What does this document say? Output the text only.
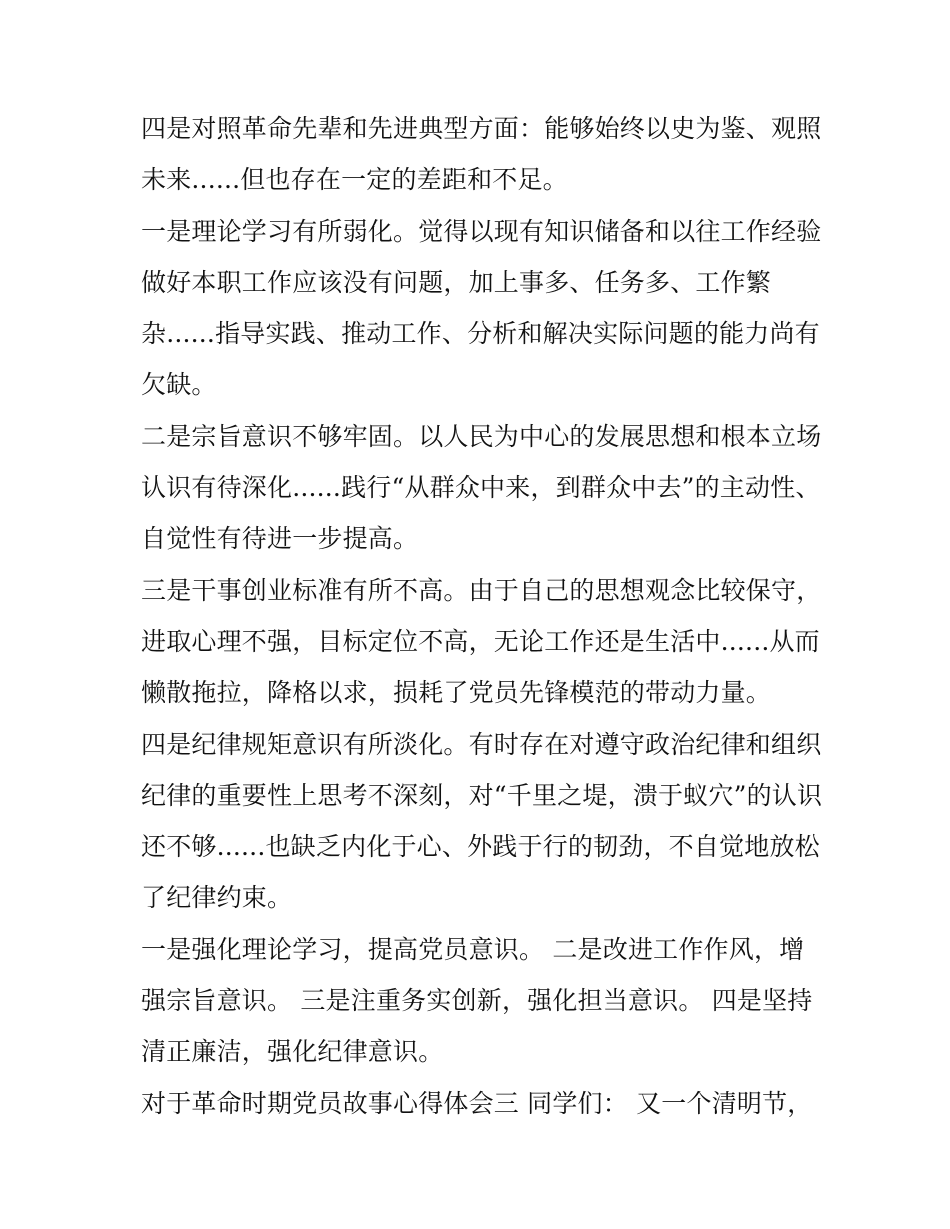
四是对照革命先辈和先进典型方面：能够始终以史为鉴、观照
未来......但也存在一定的差距和不足。
一是理论学习有所弱化。觉得以现有知识储备和以往工作经验
做好本职工作应该没有问题，加上事多、任务多、工作繁
杂......指导实践、推动工作、分析和解决实际问题的能力尚有
欠缺。
二是宗旨意识不够牢固。以人民为中心的发展思想和根本立场
认识有待深化......践行“从群众中来，到群众中去”的主动性、
自觉性有待进一步提高。
三是干事创业标准有所不高。由于自己的思想观念比较保守，
进取心理不强，目标定位不高，无论工作还是生活中......从而
懒散拖拉，降格以求，损耗了党员先锋模范的带动力量。
四是纪律规矩意识有所淡化。有时存在对遵守政治纪律和组织
纪律的重要性上思考不深刻，对“千里之堤，溃于蚁穴”的认识
还不够......也缺乏内化于心、外践于行的韧劲，不自觉地放松
了纪律约束。
一是强化理论学习，提高党员意识。 二是改进工作作风，增
强宗旨意识。 三是注重务实创新，强化担当意识。 四是坚持
清正廉洁，强化纪律意识。
对于革命时期党员故事心得体会三 同学们： 又一个清明节，
